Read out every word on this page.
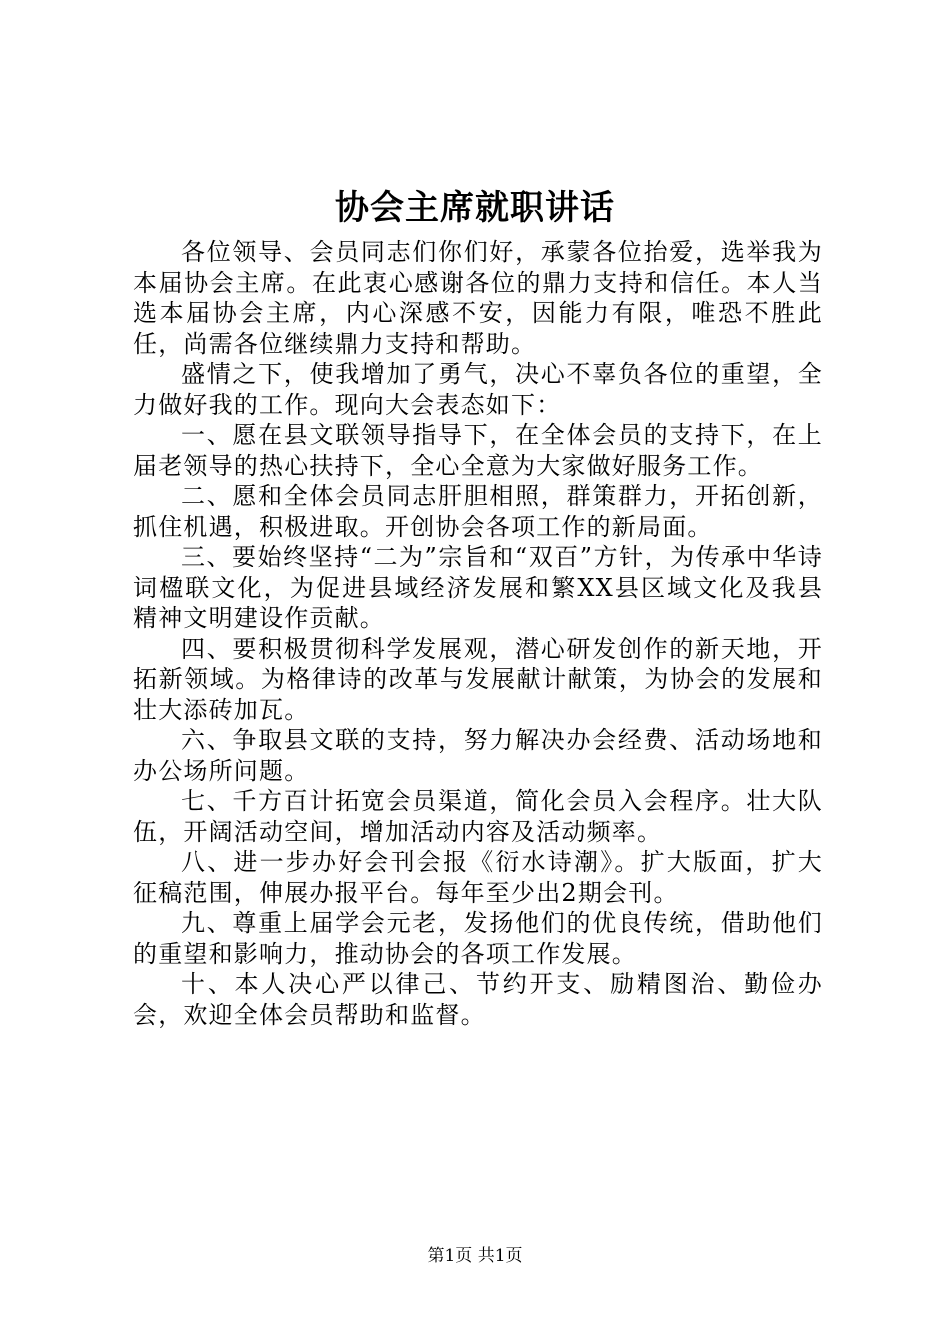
协会主席就职讲话

各位领导、会员同志们你们好，承蒙各位抬爱，选举我为本届协会主席。在此衷心感谢各位的鼎力支持和信任。本人当选本届协会主席，内心深感不安，因能力有限，唯恐不胜此任，尚需各位继续鼎力支持和帮助。

盛情之下，使我增加了勇气，决心不辜负各位的重望，全力做好我的工作。现向大会表态如下：

一、愿在县文联领导指导下，在全体会员的支持下，在上届老领导的热心扶持下，全心全意为大家做好服务工作。

二、愿和全体会员同志肝胆相照，群策群力，开拓创新，抓住机遇，积极进取。开创协会各项工作的新局面。

三、要始终坚持“二为”宗旨和“双百”方针，为传承中华诗词楹联文化，为促进县域经济发展和繁XX县区域文化及我县精神文明建设作贡献。

四、要积极贯彻科学发展观，潜心研发创作的新天地，开拓新领域。为格律诗的改革与发展献计献策，为协会的发展和壮大添砖加瓦。

六、争取县文联的支持，努力解决办会经费、活动场地和办公场所问题。

七、千方百计拓宽会员渠道，简化会员入会程序。壮大队伍，开阔活动空间，增加活动内容及活动频率。

八、进一步办好会刊会报《衍水诗潮》。扩大版面，扩大征稿范围，伸展办报平台。每年至少出2期会刊。

九、尊重上届学会元老，发扬他们的优良传统，借助他们的重望和影响力，推动协会的各项工作发展。

十、本人决心严以律己、节约开支、励精图治、勤俭办会，欢迎全体会员帮助和监督。

第1页 共1页
